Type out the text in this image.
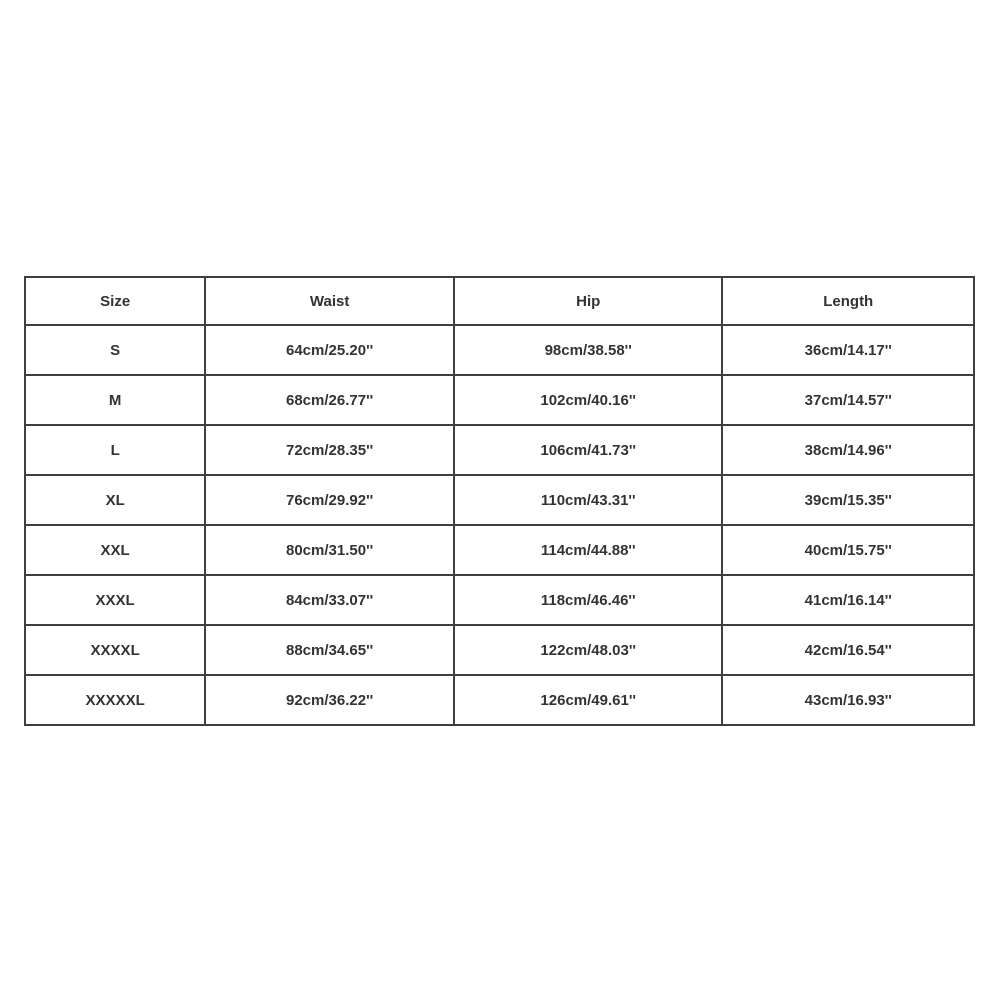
Size	Waist	Hip	Length
S	64cm/25.20''	98cm/38.58''	36cm/14.17''
M	68cm/26.77''	102cm/40.16''	37cm/14.57''
L	72cm/28.35''	106cm/41.73''	38cm/14.96''
XL	76cm/29.92''	110cm/43.31''	39cm/15.35''
XXL	80cm/31.50''	114cm/44.88''	40cm/15.75''
XXXL	84cm/33.07''	118cm/46.46''	41cm/16.14''
XXXXL	88cm/34.65''	122cm/48.03''	42cm/16.54''
XXXXXL	92cm/36.22''	126cm/49.61''	43cm/16.93''
